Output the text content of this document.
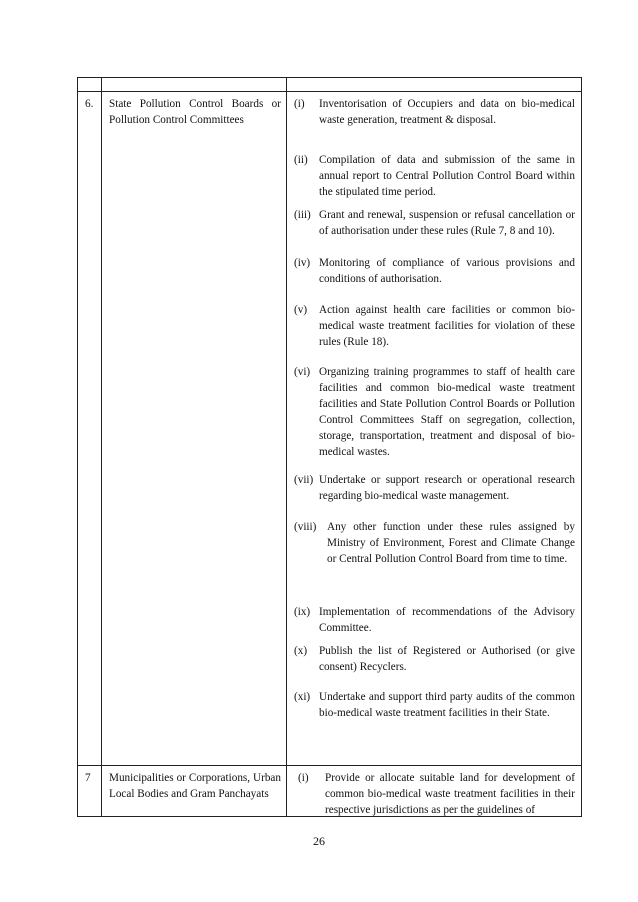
6. State Pollution Control Boards or Pollution Control Committees
(i)	Inventorisation of Occupiers and data on bio-medical waste generation, treatment & disposal.
(ii)	Compilation of data and submission of the same in annual report to Central Pollution Control Board within the stipulated time period.
(iii) Grant and renewal, suspension or refusal cancellation or of authorisation under these rules (Rule 7, 8 and 10).
(iv) Monitoring of compliance of various provisions and conditions of authorisation.
(v)	Action against health care facilities or common bio-medical waste treatment facilities for violation of these rules (Rule 18).
(vi) Organizing training programmes to staff of health care facilities and common bio-medical waste treatment facilities and State Pollution Control Boards or Pollution Control Committees Staff on segregation, collection, storage, transportation, treatment and disposal of bio-medical wastes.
(vii) Undertake or support research or operational research regarding bio-medical waste management.
(viii) Any other function under these rules assigned by Ministry of Environment, Forest and Climate Change or Central Pollution Control Board from time to time.
(ix) Implementation of recommendations of the Advisory Committee.
(x)	Publish the list of Registered or Authorised (or give consent) Recyclers.
(xi) Undertake and support third party audits of the common bio-medical waste treatment facilities in their State.
7 Municipalities or Corporations, Urban Local Bodies and Gram Panchayats
(i)	Provide or allocate suitable land for development of common bio-medical waste treatment facilities in their respective jurisdictions as per the guidelines of
26
